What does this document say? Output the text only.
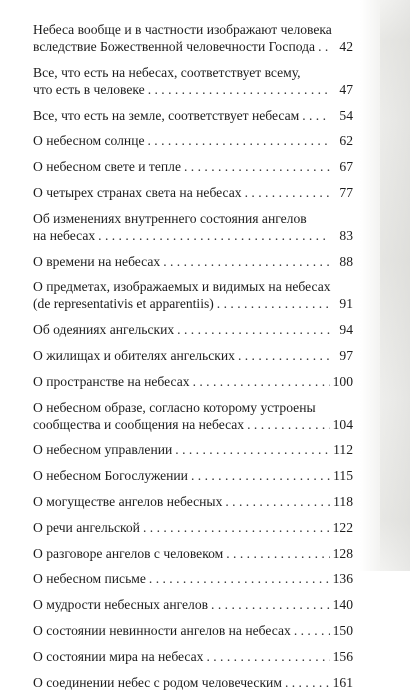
Небеса вообще и в частности изображают человека
вследствие Божественной человечности Господа . . .	42
Все, что есть на небесах, соответствует всему,
что есть в человеке . . .	47
Все, что есть на земле, соответствует небесам . . .	54
О небесном солнце . . .	62
О небесном свете и тепле . . .	67
О четырех странах света на небесах . . .	77
Об изменениях внутреннего состояния ангелов
на небесах . . .	83
О времени на небесах . . .	88
О предметах, изображаемых и видимых на небесах
(de representativis et apparentiis) . . .	91
Об одеяниях ангельских . . .	94
О жилищах и обителях ангельских . . .	97
О пространстве на небесах . . .	100
О небесном образе, согласно которому устроены
сообщества и сообщения на небесах . . .	104
О небесном управлении . . .	112
О небесном Богослужении . . .	115
О могуществе ангелов небесных . . .	118
О речи ангельской . . .	122
О разговоре ангелов с человеком . . .	128
О небесном письме . . .	136
О мудрости небесных ангелов . . .	140
О состоянии невинности ангелов на небесах . . .	150
О состоянии мира на небесах . . .	156
О соединении небес с родом человеческим . . .	161
